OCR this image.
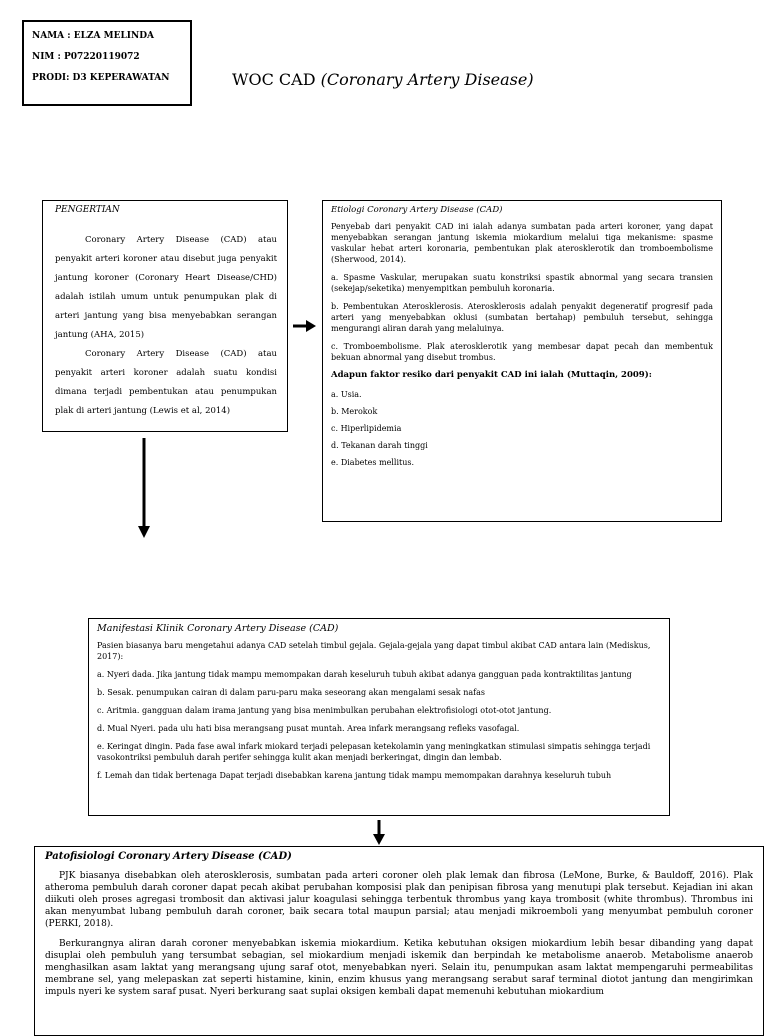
NAMA : ELZA MELINDA

NIM : P07220119072

PRODI: D3 KEPERAWATAN	WOC CAD (Coronary Artery Disease)
PENGERTIAN

Coronary Artery Disease (CAD) atau penyakit arteri koroner atau disebut juga penyakit jantung koroner (Coronary Heart Disease/CHD) adalah istilah umum untuk penumpukan plak di arteri jantung yang bisa menyebabkan serangan jantung (AHA, 2015)

Coronary Artery Disease (CAD) atau penyakit arteri koroner adalah suatu kondisi dimana terjadi pembentukan atau penumpukan plak di arteri jantung (Lewis et al, 2014)

Etiologi Coronary Artery Disease (CAD)

Penyebab dari penyakit CAD ini ialah adanya sumbatan pada arteri koroner, yang dapat menyebabkan serangan jantung iskemia miokardium melalui tiga mekanisme: spasme vaskular hebat arteri koronaria, pembentukan plak aterosklerotik dan tromboembolisme (Sherwood, 2014).

a. Spasme Vaskular, merupakan suatu konstriksi spastik abnormal yang secara transien (sekejap/seketika) menyempitkan pembuluh koronaria.

b. Pembentukan Aterosklerosis. Aterosklerosis adalah penyakit degeneratif progresif pada arteri yang menyebabkan oklusi (sumbatan bertahap) pembuluh tersebut, sehingga mengurangi aliran darah yang melaluinya.

c. Tromboembolisme. Plak aterosklerotik yang membesar dapat pecah dan membentuk bekuan abnormal yang disebut trombus.

Adapun faktor resiko dari penyakit CAD ini ialah (Muttaqin, 2009):

a. Usia.

b. Merokok

c. Hiperlipidemia

d. Tekanan darah tinggi

e. Diabetes mellitus.

Manifestasi Klinik Coronary Artery Disease (CAD)

Pasien biasanya baru mengetahui adanya CAD setelah timbul gejala. Gejala-gejala yang dapat timbul akibat CAD antara lain (Mediskus, 2017):

a. Nyeri dada. Jika jantung tidak mampu memompakan darah keseluruh tubuh akibat adanya gangguan pada kontraktilitas jantung

b. Sesak. penumpukan cairan di dalam paru-paru maka seseorang akan mengalami sesak nafas

c. Aritmia. gangguan dalam irama jantung yang bisa menimbulkan perubahan elektrofisiologi otot-otot jantung.

d. Mual Nyeri. pada ulu hati bisa merangsang pusat muntah. Area infark merangsang refleks vasofagal.

e. Keringat dingin. Pada fase awal infark miokard terjadi pelepasan ketekolamin yang meningkatkan stimulasi simpatis sehingga terjadi vasokontriksi pembuluh darah perifer sehingga kulit akan menjadi berkeringat, dingin dan lembab.

f. Lemah dan tidak bertenaga Dapat terjadi disebabkan karena jantung tidak mampu memompakan darahnya keseluruh tubuh

Patofisiologi Coronary Artery Disease (CAD)

PJK biasanya disebabkan oleh aterosklerosis, sumbatan pada arteri coroner oleh plak lemak dan fibrosa (LeMone, Burke, & Bauldoff, 2016). Plak atheroma pembuluh darah coroner dapat pecah akibat perubahan komposisi plak dan penipisan fibrosa yang menutupi plak tersebut. Kejadian ini akan diikuti oleh proses agregasi trombosit dan aktivasi jalur koagulasi sehingga terbentuk thrombus yang kaya trombosit (white thrombus). Thrombus ini akan menyumbat lubang pembuluh darah coroner, baik secara total maupun parsial; atau menjadi mikroemboli yang menyumbat pembuluh coroner (PERKI, 2018).

Berkurangnya aliran darah coroner menyebabkan iskemia miokardium. Ketika kebutuhan oksigen miokardium lebih besar dibanding yang dapat disuplai oleh pembuluh yang tersumbat sebagian, sel miokardium menjadi iskemik dan berpindah ke metabolisme anaerob. Metabolisme anaerob menghasilkan asam laktat yang merangsang ujung saraf otot, menyebabkan nyeri. Selain itu, penumpukan asam laktat mempengaruhi permeabilitas membrane sel, yang melepaskan zat seperti histamine, kinin, enzim khusus yang merangsang serabut saraf terminal diotot jantung dan mengirimkan impuls nyeri ke system saraf pusat. Nyeri berkurang saat suplai oksigen kembali dapat memenuhi kebutuhan miokardium
